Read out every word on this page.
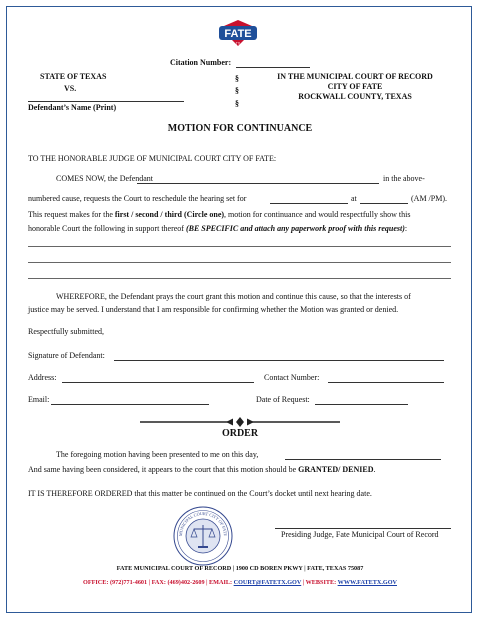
FATE
TX
Citation Number:
STATE OF TEXAS
VS.
Defendant’s Name (Print)
§
§
§
IN THE MUNICIPAL COURT OF RECORD
CITY OF FATE
ROCKWALL COUNTY, TEXAS
MOTION FOR CONTINUANCE
TO THE HONORABLE JUDGE OF MUNICIPAL COURT CITY OF FATE:
COMES NOW, the Defendant	in the above-
numbered cause, requests the Court to reschedule the hearing set for	at	(AM /PM).
This request makes for the first / second / third (Circle one), motion for continuance and would respectfully show this
honorable Court the following in support thereof (BE SPECIFIC and attach any paperwork proof with this request):
WHEREFORE, the Defendant prays the court grant this motion and continue this cause, so that the interests of
justice may be served. I understand that I am responsible for confirming whether the Motion was granted or denied.
Respectfully submitted,
Signature of Defendant:
Address:	Contact Number:
Email:	Date of Request:
ORDER
The foregoing motion having been presented to me on this day,
And same having been considered, it appears to the court that this motion should be GRANTED/ DENIED.
IT IS THEREFORE ORDERED that this matter be continued on the Court’s docket until next hearing date.
MUNICIPAL COURT CITY OF FATE	Presiding Judge, Fate Municipal Court of Record
FATE MUNICIPAL COURT OF RECORD | 1900 CD BOREN PKWY | FATE, TEXAS 75087
OFFICE: (972)771-4601 | FAX: (469)402-2609 | EMAIL: COURT@FATETX.GOV | WEBSITE: WWW.FATETX.GOV
